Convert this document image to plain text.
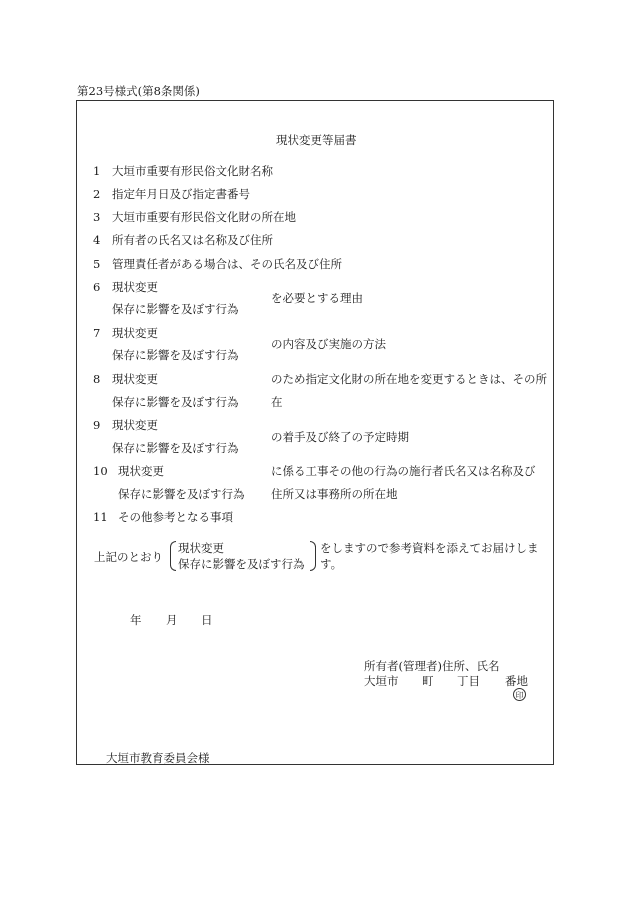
第23号様式(第8条関係)
現状変更等届書
1 大垣市重要有形民俗文化財名称
2 指定年月日及び指定書番号
3 大垣市重要有形民俗文化財の所在地
4 所有者の氏名又は名称及び住所
5 管理責任者がある場合は、その氏名及び住所
6 現状変更
保存に影響を及ぼす行為
を必要とする理由
7 現状変更
保存に影響を及ぼす行為
の内容及び実施の方法
8 現状変更
保存に影響を及ぼす行為
のため指定文化財の所在地を変更するときは、その所
在
9 現状変更
保存に影響を及ぼす行為
の着手及び終了の予定時期
10 現状変更
保存に影響を及ぼす行為
に係る工事その他の行為の施行者氏名又は名称及び
住所又は事務所の所在地
11 その他参考となる事項
上記のとおり
現状変更
保存に影響を及ぼす行為
をしますので参考資料を添えてお届けしま
す。
年 月 日
所有者(管理者)住所、氏名
大垣市 町 丁目 番地
印
大垣市教育委員会様
